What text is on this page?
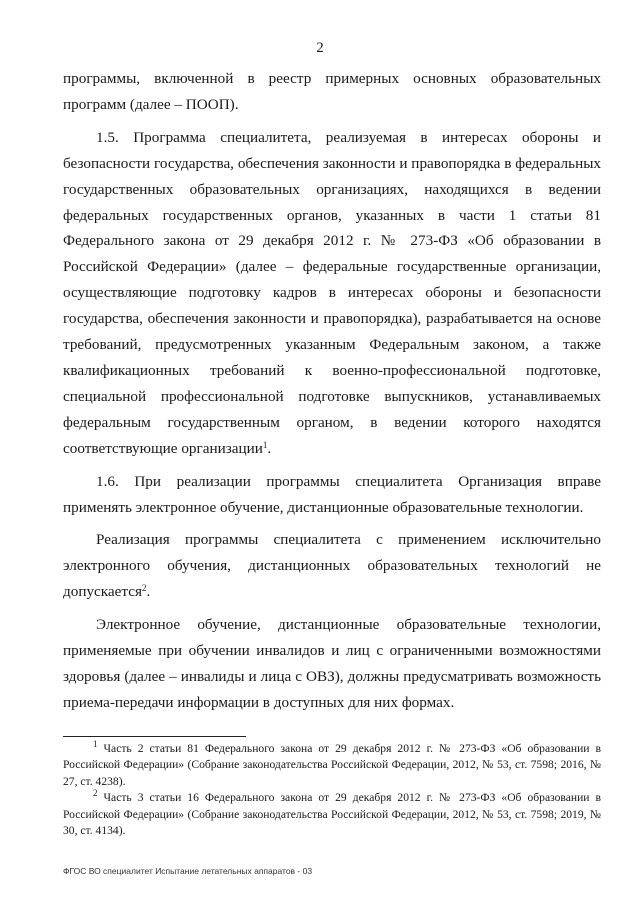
2

программы, включенной в реестр примерных основных образовательных программ (далее – ПООП).

1.5. Программа специалитета, реализуемая в интересах обороны и безопасности государства, обеспечения законности и правопорядка в федеральных государственных образовательных организациях, находящихся в ведении федеральных государственных органов, указанных в части 1 статьи 81 Федерального закона от 29 декабря 2012 г. № 273-ФЗ «Об образовании в Российской Федерации» (далее – федеральные государственные организации, осуществляющие подготовку кадров в интересах обороны и безопасности государства, обеспечения законности и правопорядка), разрабатывается на основе требований, предусмотренных указанным Федеральным законом, а также квалификационных требований к военно-профессиональной подготовке, специальной профессиональной подготовке выпускников, устанавливаемых федеральным государственным органом, в ведении которого находятся соответствующие организации$^1$.

1.6. При реализации программы специалитета Организация вправе применять электронное обучение, дистанционные образовательные технологии.

Реализация программы специалитета с применением исключительно электронного обучения, дистанционных образовательных технологий не допускается$^2$.

Электронное обучение, дистанционные образовательные технологии, применяемые при обучении инвалидов и лиц с ограниченными возможностями здоровья (далее – инвалиды и лица с ОВЗ), должны предусматривать возможность приема-передачи информации в доступных для них формах.

$^1$ Часть 2 статьи 81 Федерального закона от 29 декабря 2012 г. № 273-ФЗ «Об образовании в Российской Федерации» (Собрание законодательства Российской Федерации, 2012, № 53, ст. 7598; 2016, № 27, ст. 4238).

$^2$ Часть 3 статьи 16 Федерального закона от 29 декабря 2012 г. № 273-ФЗ «Об образовании в Российской Федерации» (Собрание законодательства Российской Федерации, 2012, № 53, ст. 7598; 2019, № 30, ст. 4134).

ФГОС ВО специалитет Испытание летательных аппаратов - 03
